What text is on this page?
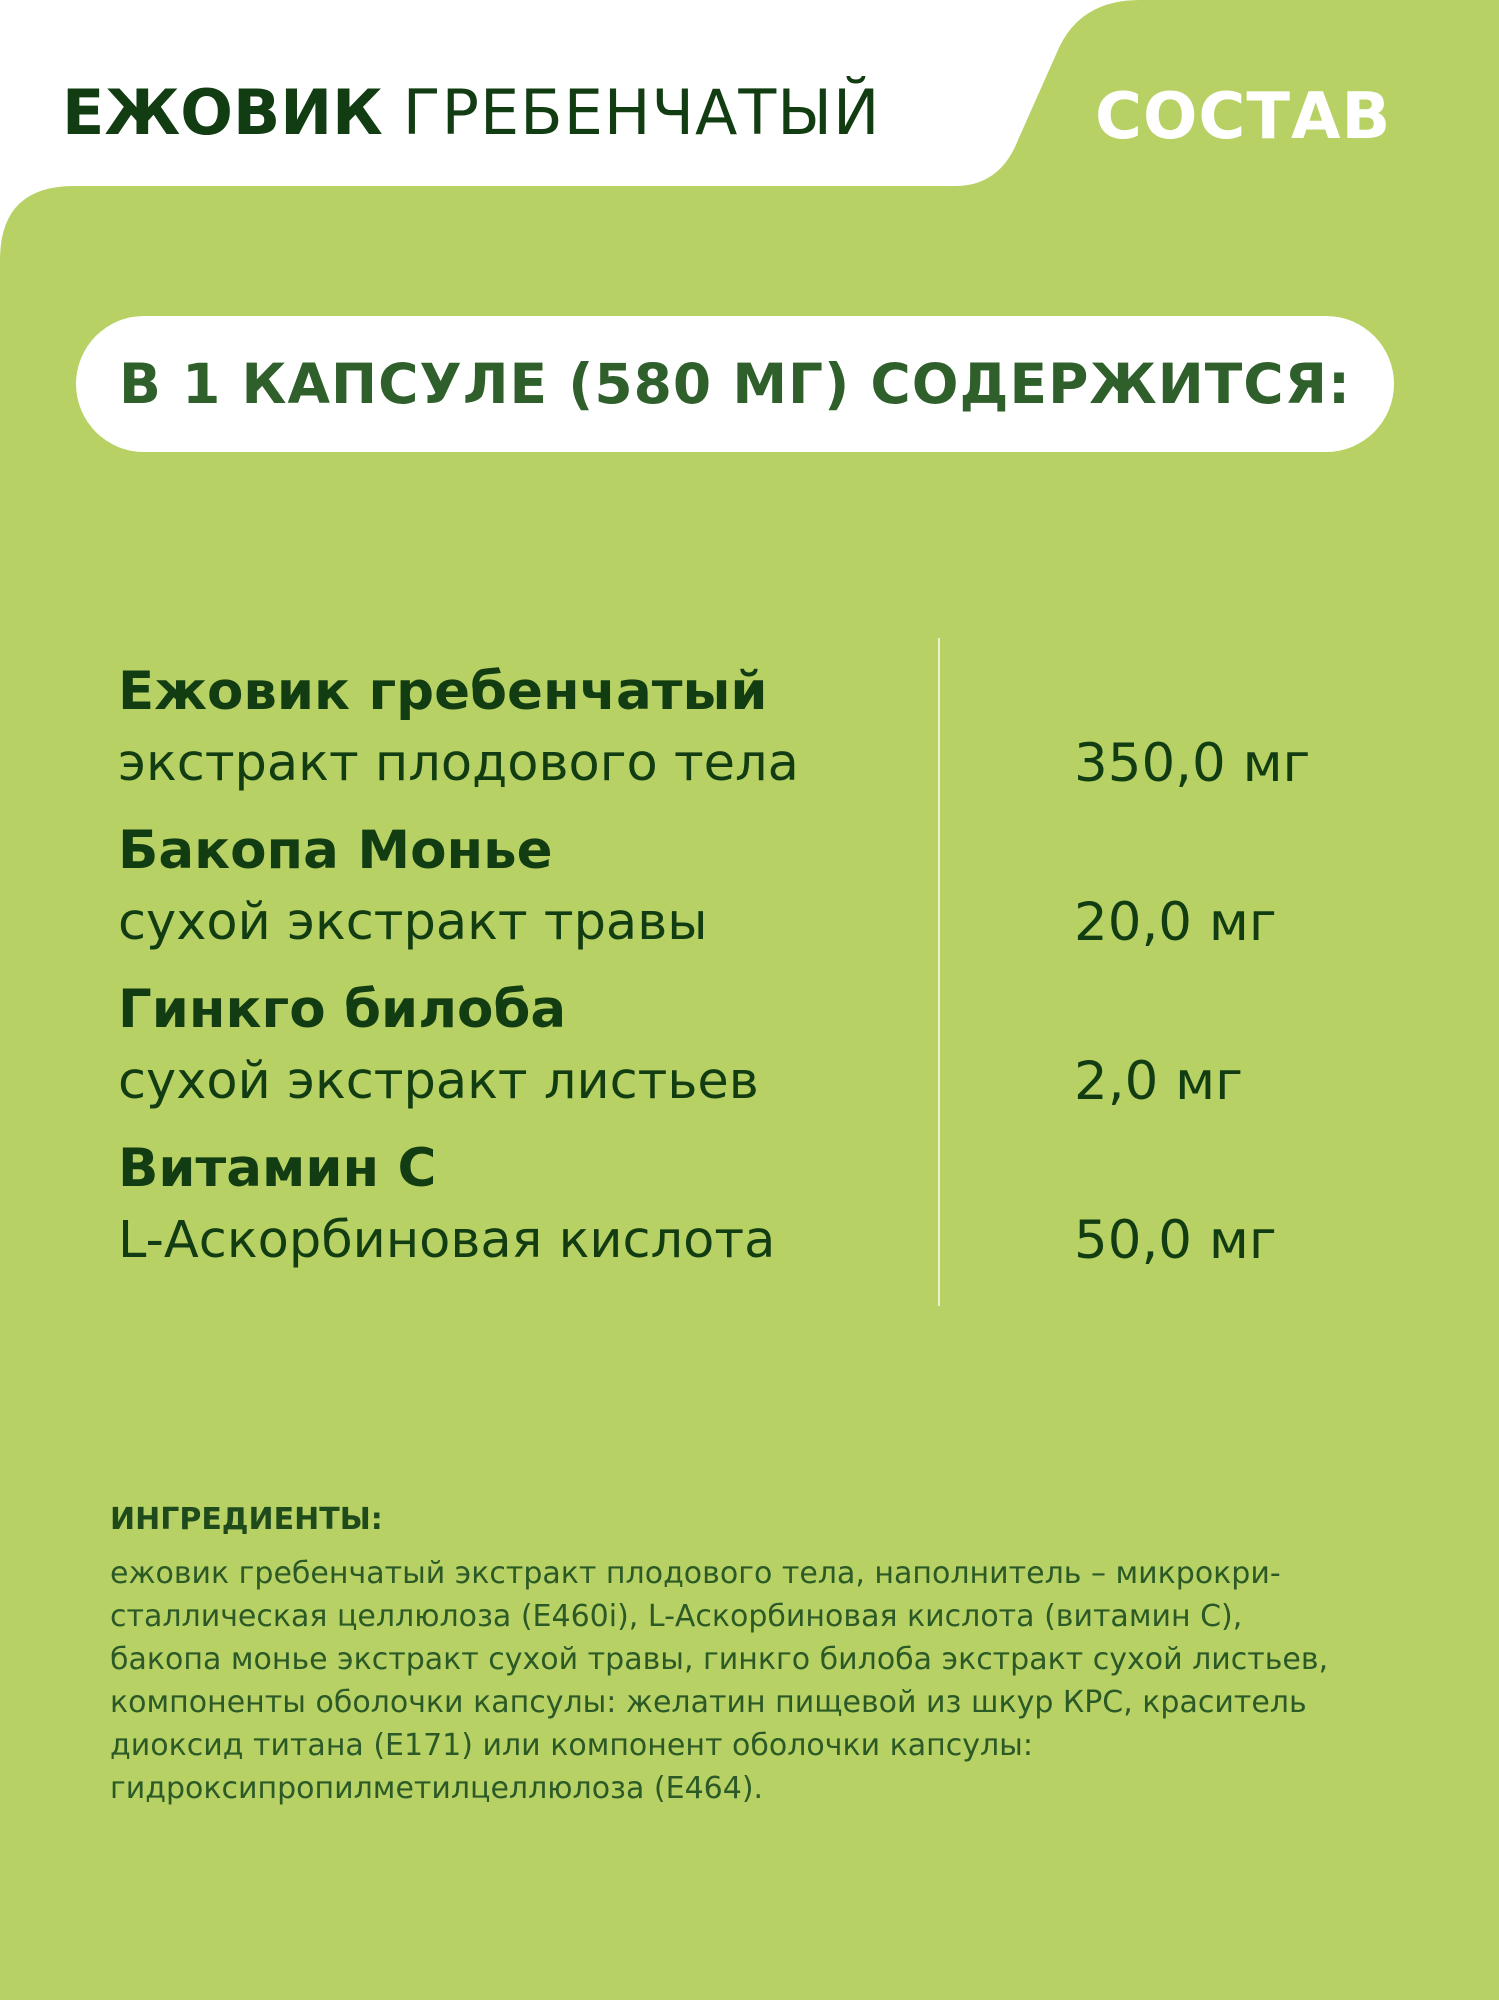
ЕЖОВИК ГРЕБЕНЧАТЫЙ	СОСТАВ
В 1 КАПСУЛЕ (580 МГ) СОДЕРЖИТСЯ:
Ежовик гребенчатый
экстракт плодового тела	350,0 мг
Бакопа Монье
сухой экстракт травы	20,0 мг
Гинкго билоба
сухой экстракт листьев	2,0 мг
Витамин С
L-Аскорбиновая кислота	50,0 мг
ИНГРЕДИЕНТЫ:
ежовик гребенчатый экстракт плодового тела, наполнитель – микрокри-
сталлическая целлюлоза (Е460i), L-Аскорбиновая кислота (витамин С),
бакопа монье экстракт сухой травы, гинкго билоба экстракт сухой листьев,
компоненты оболочки капсулы: желатин пищевой из шкур КРС, краситель
диоксид титана (Е171) или компонент оболочки капсулы:
гидроксипропилметилцеллюлоза (Е464).
